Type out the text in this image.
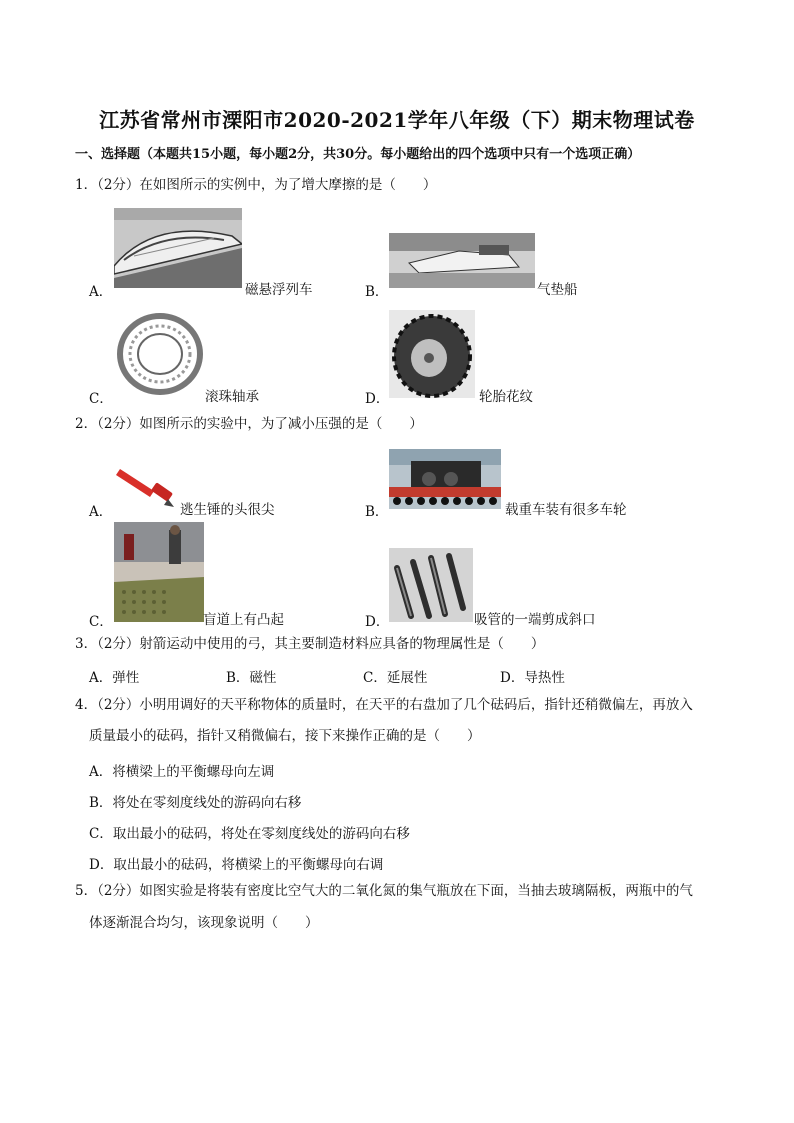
江苏省常州市溧阳市2020-2021学年八年级（下）期末物理试卷
一、选择题（本题共15小题，每小题2分，共30分。每小题给出的四个选项中只有一个选项正确）
1．（2分）在如图所示的实例中，为了增大摩擦的是（　　）
A．	磁悬浮列车	B．	气垫船
C．	滚珠轴承	D．	轮胎花纹
2．（2分）如图所示的实验中，为了减小压强的是（　　）
A．	逃生锤的头很尖	B．	载重车装有很多车轮
C．	盲道上有凸起	D．	吸管的一端剪成斜口
3．（2分）射箭运动中使用的弓，其主要制造材料应具备的物理属性是（　　）
A．弹性	B．磁性	C．延展性	D．导热性
4．（2分）小明用调好的天平称物体的质量时，在天平的右盘加了几个砝码后，指针还稍微偏左，再放入
质量最小的砝码，指针又稍微偏右，接下来操作正确的是（　　）
A．将横梁上的平衡螺母向左调
B．将处在零刻度线处的游码向右移
C．取出最小的砝码，将处在零刻度线处的游码向右移
D．取出最小的砝码，将横梁上的平衡螺母向右调
5．（2分）如图实验是将装有密度比空气大的二氧化氮的集气瓶放在下面，当抽去玻璃隔板，两瓶中的气
体逐渐混合均匀，该现象说明（　　）
